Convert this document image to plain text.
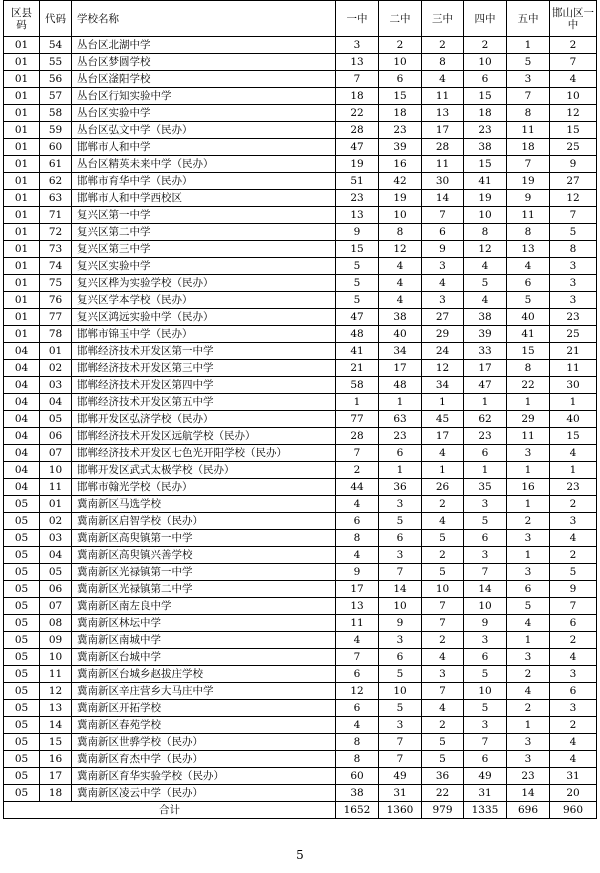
区县码	代码	学校名称	一中	二中	三中	四中	五中	邯山区一中
01	54	丛台区北湖中学	3	2	2	2	1	2
01	55	丛台区梦圆学校	13	10	8	10	5	7
01	56	丛台区滏阳学校	7	6	4	6	3	4
01	57	丛台区行知实验中学	18	15	11	15	7	10
01	58	丛台区实验中学	22	18	13	18	8	12
01	59	丛台区弘文中学（民办）	28	23	17	23	11	15
01	60	邯郸市人和中学	47	39	28	38	18	25
01	61	丛台区精英未来中学（民办）	19	16	11	15	7	9
01	62	邯郸市育华中学（民办）	51	42	30	41	19	27
01	63	邯郸市人和中学西校区	23	19	14	19	9	12
01	71	复兴区第一中学	13	10	7	10	11	7
01	72	复兴区第二中学	9	8	6	8	8	5
01	73	复兴区第三中学	15	12	9	12	13	8
01	74	复兴区实验中学	5	4	3	4	4	3
01	75	复兴区桦为实验学校（民办）	5	4	4	5	6	3
01	76	复兴区学本学校（民办）	5	4	3	4	5	3
01	77	复兴区鸿远实验中学（民办）	47	38	27	38	40	23
01	78	邯郸市锦玉中学（民办）	48	40	29	39	41	25
04	01	邯郸经济技术开发区第一中学	41	34	24	33	15	21
04	02	邯郸经济技术开发区第三中学	21	17	12	17	8	11
04	03	邯郸经济技术开发区第四中学	58	48	34	47	22	30
04	04	邯郸经济技术开发区第五中学	1	1	1	1	1	1
04	05	邯郸开发区弘济学校（民办）	77	63	45	62	29	40
04	06	邯郸经济技术开发区远航学校（民办）	28	23	17	23	11	15
04	07	邯郸经济技术开发区七色光开阳学校（民办）	7	6	4	6	3	4
04	10	邯郸开发区武式太极学校（民办）	2	1	1	1	1	1
04	11	邯郸市翰光学校（民办）	44	36	26	35	16	23
05	01	冀南新区马选学校	4	3	2	3	1	2
05	02	冀南新区启智学校（民办）	6	5	4	5	2	3
05	03	冀南新区高臾镇第一中学	8	6	5	6	3	4
05	04	冀南新区高臾镇兴善学校	4	3	2	3	1	2
05	05	冀南新区光禄镇第一中学	9	7	5	7	3	5
05	06	冀南新区光禄镇第二中学	17	14	10	14	6	9
05	07	冀南新区南左良中学	13	10	7	10	5	7
05	08	冀南新区林坛中学	11	9	7	9	4	6
05	09	冀南新区南城中学	4	3	2	3	1	2
05	10	冀南新区台城中学	7	6	4	6	3	4
05	11	冀南新区台城乡赵拔庄学校	6	5	3	5	2	3
05	12	冀南新区辛庄营乡大马庄中学	12	10	7	10	4	6
05	13	冀南新区开拓学校	6	5	4	5	2	3
05	14	冀南新区春苑学校	4	3	2	3	1	2
05	15	冀南新区世骅学校（民办）	8	7	5	7	3	4
05	16	冀南新区育杰中学（民办）	8	7	5	6	3	4
05	17	冀南新区育华实验学校（民办）	60	49	36	49	23	31
05	18	冀南新区凌云中学（民办）	38	31	22	31	14	20
合计			1652	1360	979	1335	696	960
5
